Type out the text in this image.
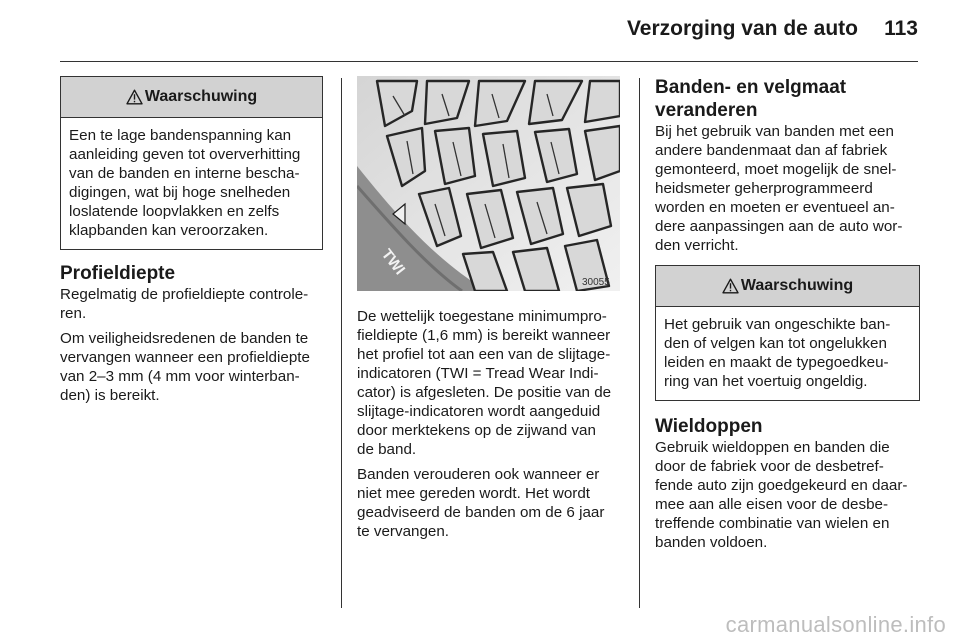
Verzorging van de auto 113
Waarschuwing
Een te lage bandenspanning kan
aanleiding geven tot oververhitting
van de banden en interne bescha-
digingen, wat bij hoge snelheden
loslatende loopvlakken en zelfs
klapbanden kan veroorzaken.
Profieldiepte

Regelmatig de profieldiepte controle-
ren.

Om veiligheidsredenen de banden te
vervangen wanneer een profieldiepte
van 2–3 mm (4 mm voor winterban-
den) is bereikt.

TWI
30055

De wettelijk toegestane minimumpro-
fieldiepte (1,6 mm) is bereikt wanneer
het profiel tot aan een van de slijtage-
indicatoren (TWI = Tread Wear Indi-
cator) is afgesleten. De positie van de
slijtage-indicatoren wordt aangeduid
door merktekens op de zijwand van
de band.

Banden verouderen ook wanneer er
niet mee gereden wordt. Het wordt
geadviseerd de banden om de 6 jaar
te vervangen.

Banden- en velgmaat
veranderen

Bij het gebruik van banden met een
andere bandenmaat dan af fabriek
gemonteerd, moet mogelijk de snel-
heidsmeter geherprogrammeerd
worden en moeten er eventueel an-
dere aanpassingen aan de auto wor-
den verricht.

Waarschuwing
Het gebruik van ongeschikte ban-
den of velgen kan tot ongelukken
leiden en maakt de typegoedkeu-
ring van het voertuig ongeldig.
Wieldoppen

Gebruik wieldoppen en banden die
door de fabriek voor de desbetref-
fende auto zijn goedgekeurd en daar-
mee aan alle eisen voor de desbe-
treffende combinatie van wielen en
banden voldoen.

carmanualsonline.info
